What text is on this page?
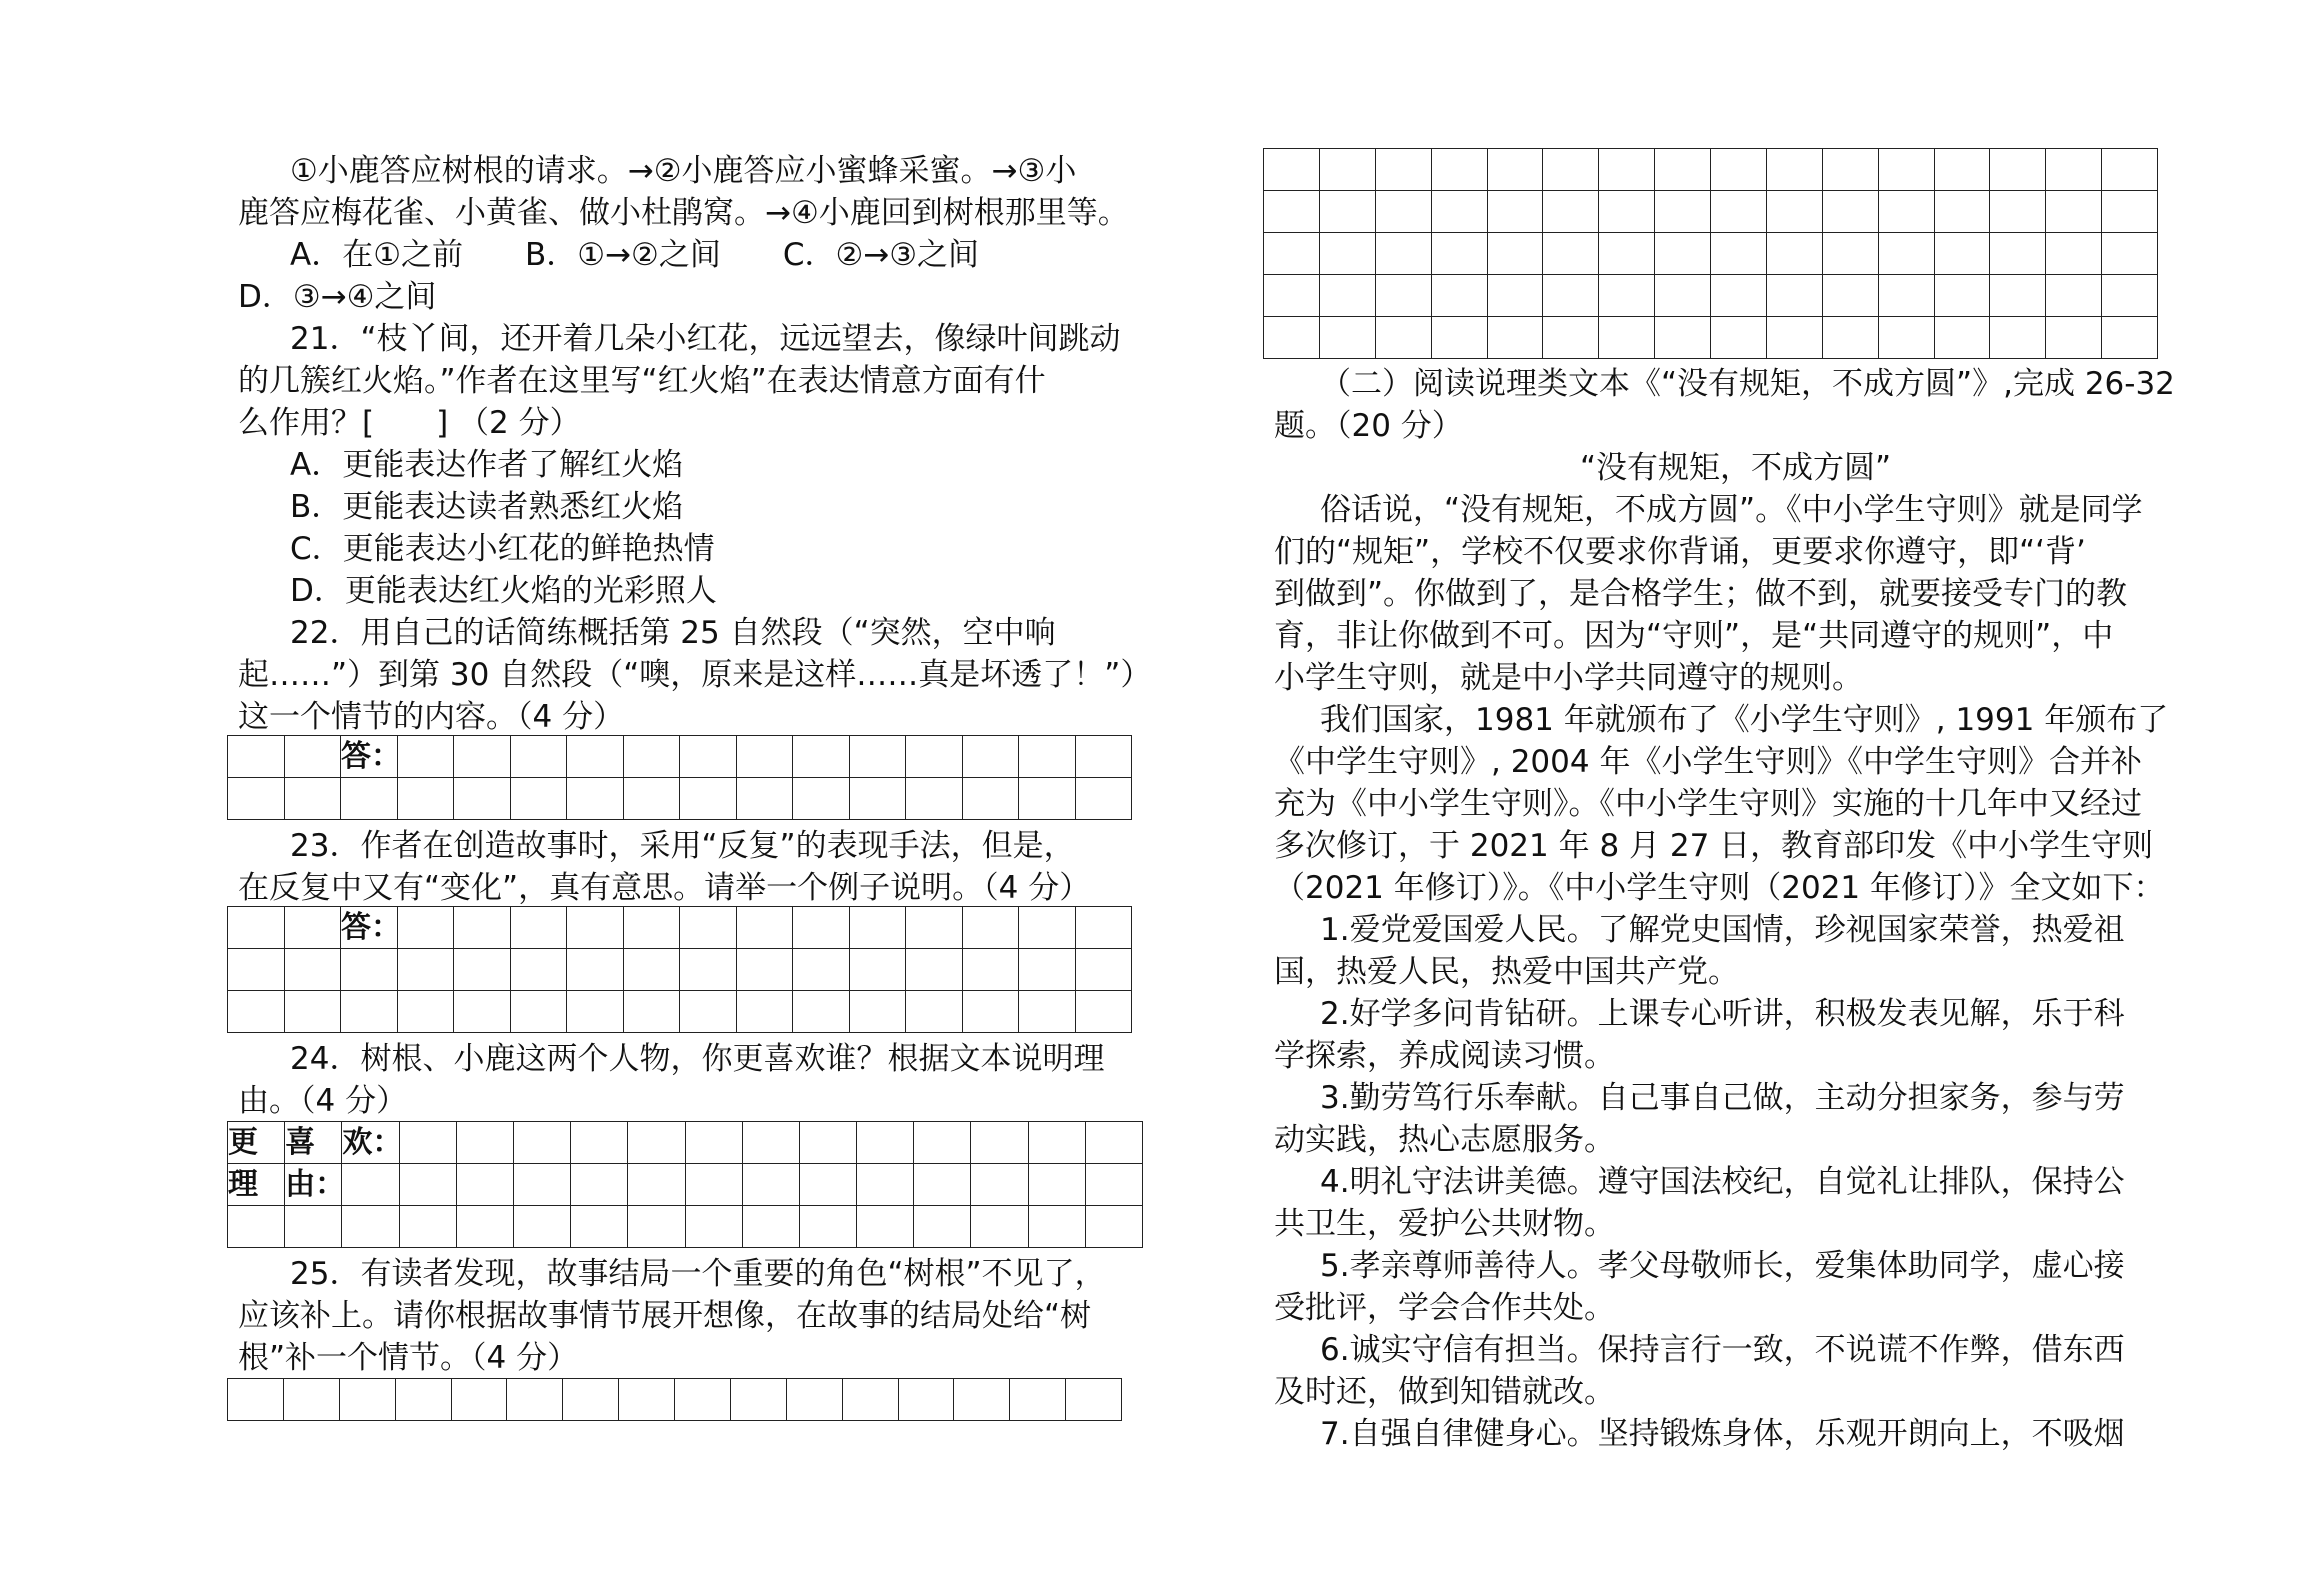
①小鹿答应树根的请求。→②小鹿答应小蜜蜂采蜜。→③小
鹿答应梅花雀、小黄雀、做小杜鹃窝。→④小鹿回到树根那里等。
A．在①之前　　B．①→②之间　　C．②→③之间
D．③→④之间
21．“枝丫间，还开着几朵小红花，远远望去，像绿叶间跳动
的几簇红火焰。”作者在这里写“红火焰”在表达情意方面有什
么作用？[　　] （2 分）
A．更能表达作者了解红火焰
B．更能表达读者熟悉红火焰
C．更能表达小红花的鲜艳热情
D．更能表达红火焰的光彩照人
22．用自己的话简练概括第 25 自然段（“突然，空中响
起……”）到第 30 自然段（“噢，原来是这样……真是坏透了！”）
这一个情节的内容。（4 分）
		答：													

23．作者在创造故事时，采用“反复”的表现手法，但是，
在反复中又有“变化”，真有意思。请举一个例子说明。（4 分）
		答：													

24．树根、小鹿这两个人物，你更喜欢谁？根据文本说明理
由。（4 分）
更	喜	欢：													
理	由：														

25．有读者发现，故事结局一个重要的角色“树根”不见了，
应该补上。请你根据故事情节展开想像，在故事的结局处给“树
根”补一个情节。（4 分）

（二）阅读说理类文本《“没有规矩，不成方圆”》,完成 26-32
题。（20 分）
“没有规矩，不成方圆”
俗话说，“没有规矩，不成方圆”。《中小学生守则》就是同学
们的“规矩”，学校不仅要求你背诵，更要求你遵守，即“‘背’
到做到”。你做到了，是合格学生；做不到，就要接受专门的教
育，非让你做到不可。因为“守则”，是“共同遵守的规则”，中
小学生守则，就是中小学共同遵守的规则。
我们国家，1981 年就颁布了《小学生守则》, 1991 年颁布了
《中学生守则》, 2004 年《小学生守则》《中学生守则》合并补
充为《中小学生守则》。《中小学生守则》实施的十几年中又经过
多次修订，于 2021 年 8 月 27 日，教育部印发《中小学生守则
（2021 年修订）》。《中小学生守则（2021 年修订）》全文如下：
1.爱党爱国爱人民。了解党史国情，珍视国家荣誉，热爱祖
国，热爱人民，热爱中国共产党。
2.好学多问肯钻研。上课专心听讲，积极发表见解，乐于科
学探索，养成阅读习惯。
3.勤劳笃行乐奉献。自己事自己做，主动分担家务，参与劳
动实践，热心志愿服务。
4.明礼守法讲美德。遵守国法校纪，自觉礼让排队，保持公
共卫生，爱护公共财物。
5.孝亲尊师善待人。孝父母敬师长，爱集体助同学，虚心接
受批评，学会合作共处。
6.诚实守信有担当。保持言行一致，不说谎不作弊，借东西
及时还，做到知错就改。
7.自强自律健身心。坚持锻炼身体，乐观开朗向上，不吸烟
